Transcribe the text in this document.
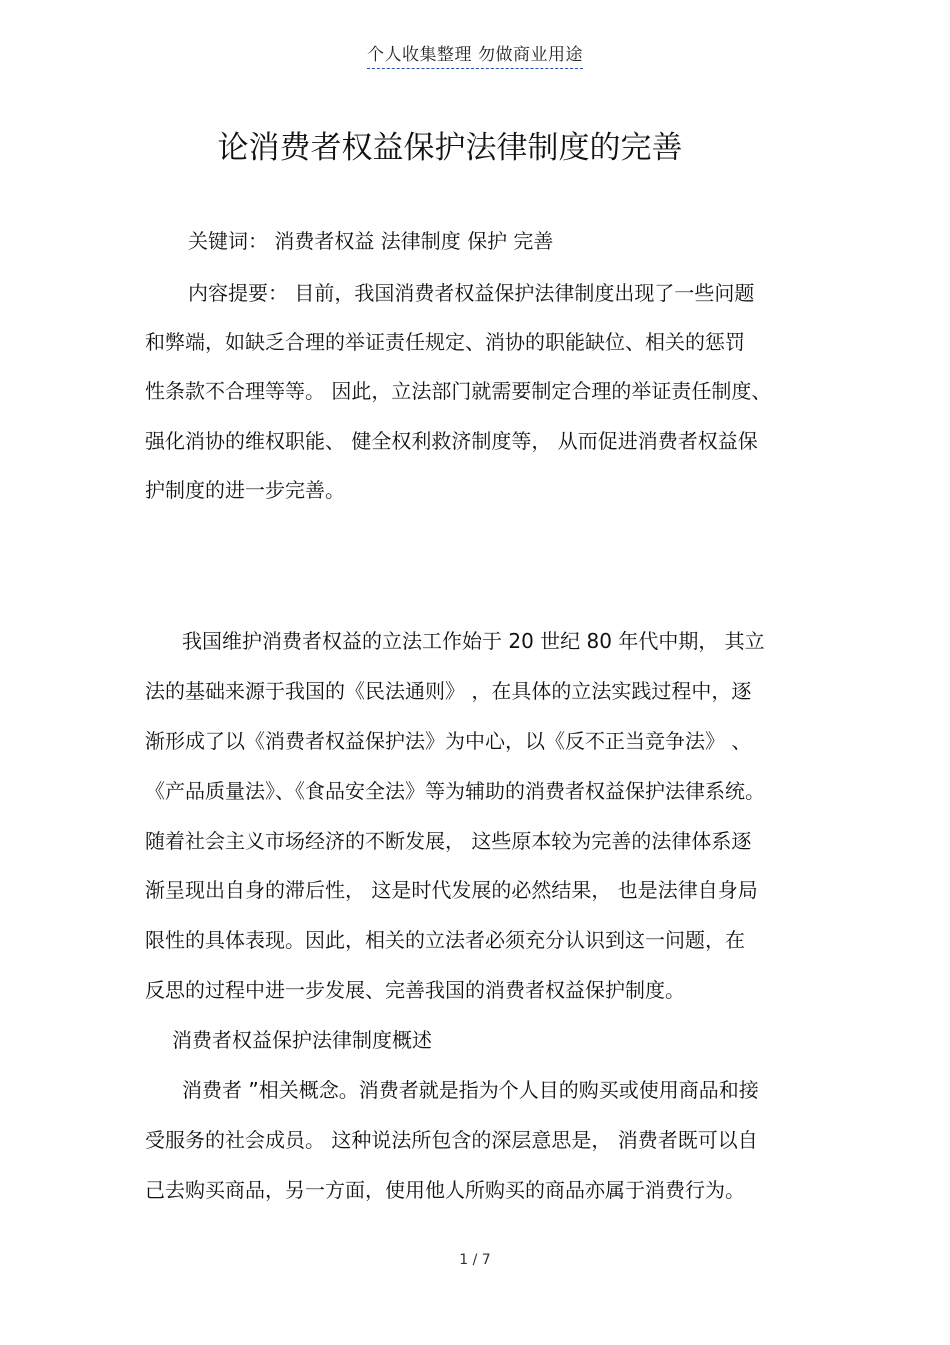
个人收集整理 勿做商业用途
论消费者权益保护法律制度的完善
关键词： 消费者权益 法律制度 保护 完善
内容提要： 目前，我国消费者权益保护法律制度出现了一些问题
和弊端，如缺乏合理的举证责任规定、消协的职能缺位、相关的惩罚
性条款不合理等等。 因此，立法部门就需要制定合理的举证责任制度、
强化消协的维权职能、 健全权利救济制度等， 从而促进消费者权益保
护制度的进一步完善。
我国维护消费者权益的立法工作始于 20 世纪 80 年代中期， 其立
法的基础来源于我国的《民法通则》 ，在具体的立法实践过程中，逐
渐形成了以《消费者权益保护法》为中心，以《反不正当竞争法》 、
《产品质量法》、《食品安全法》等为辅助的消费者权益保护法律系统。
随着社会主义市场经济的不断发展， 这些原本较为完善的法律体系逐
渐呈现出自身的滞后性， 这是时代发展的必然结果， 也是法律自身局
限性的具体表现。因此，相关的立法者必须充分认识到这一问题，在
反思的过程中进一步发展、完善我国的消费者权益保护制度。
消费者权益保护法律制度概述
消费者 ”相关概念。消费者就是指为个人目的购买或使用商品和接
受服务的社会成员。 这种说法所包含的深层意思是， 消费者既可以自
己去购买商品，另一方面，使用他人所购买的商品亦属于消费行为。
1 / 7
